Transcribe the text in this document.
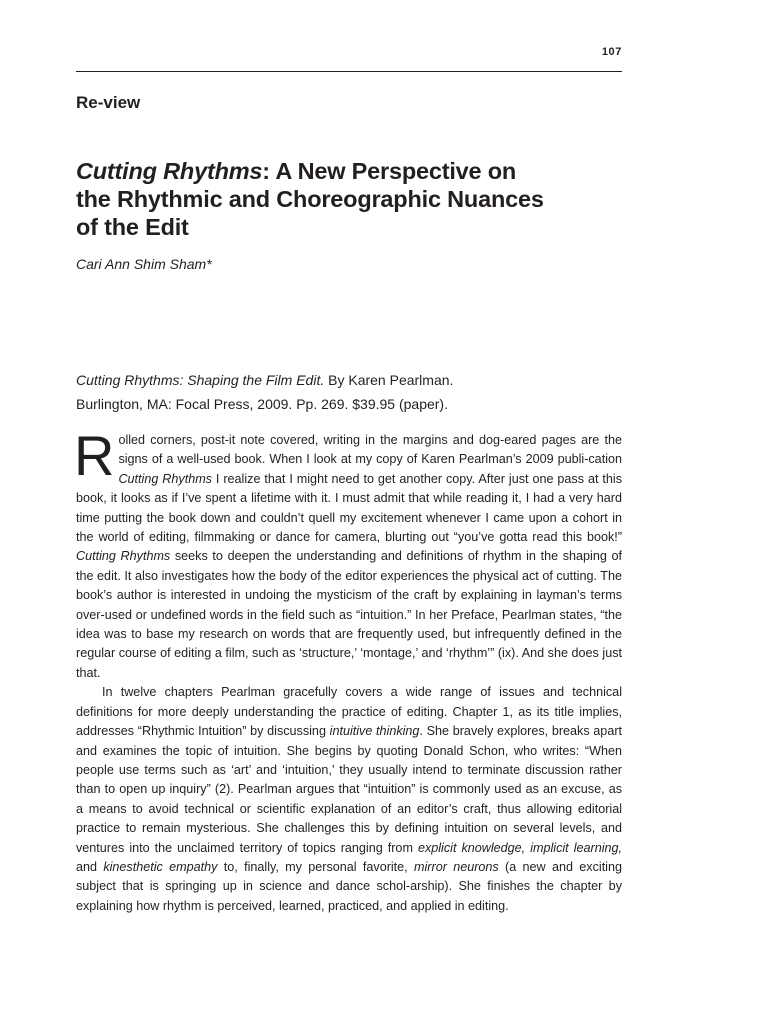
107
Re-view
Cutting Rhythms: A New Perspective on the Rhythmic and Choreographic Nuances of the Edit
Cari Ann Shim Sham*
Cutting Rhythms: Shaping the Film Edit. By Karen Pearlman.
Burlington, MA: Focal Press, 2009. Pp. 269. $39.95 (paper).

Rolled corners, post-it note covered, writing in the margins and dog-eared pages are the signs of a well-used book. When I look at my copy of Karen Pearlman’s 2009 publi-cation Cutting Rhythms I realize that I might need to get another copy. After just one pass at this book, it looks as if I’ve spent a lifetime with it. I must admit that while reading it, I had a very hard time putting the book down and couldn’t quell my excitement whenever I came upon a cohort in the world of editing, filmmaking or dance for camera, blurting out “you’ve gotta read this book!” Cutting Rhythms seeks to deepen the understanding and definitions of rhythm in the shaping of the edit. It also investigates how the body of the editor experiences the physical act of cutting. The book’s author is interested in undoing the mysticism of the craft by explaining in layman’s terms over-used or undefined words in the field such as “intuition.” In her Preface, Pearlman states, “the idea was to base my research on words that are frequently used, but infrequently defined in the regular course of editing a film, such as ‘structure,’ ‘montage,’ and ‘rhythm’” (ix). And she does just that.

In twelve chapters Pearlman gracefully covers a wide range of issues and technical definitions for more deeply understanding the practice of editing. Chapter 1, as its title implies, addresses “Rhythmic Intuition” by discussing intuitive thinking. She bravely explores, breaks apart and examines the topic of intuition. She begins by quoting Donald Schon, who writes: “When people use terms such as ‘art’ and ‘intuition,’ they usually intend to terminate discussion rather than to open up inquiry” (2). Pearlman argues that “intuition” is commonly used as an excuse, as a means to avoid technical or scientific explanation of an editor’s craft, thus allowing editorial practice to remain mysterious. She challenges this by defining intuition on several levels, and ventures into the unclaimed territory of topics ranging from explicit knowledge, implicit learning, and kinesthetic empathy to, finally, my personal favorite, mirror neurons (a new and exciting subject that is springing up in science and dance schol-arship). She finishes the chapter by explaining how rhythm is perceived, learned, practiced, and applied in editing.
